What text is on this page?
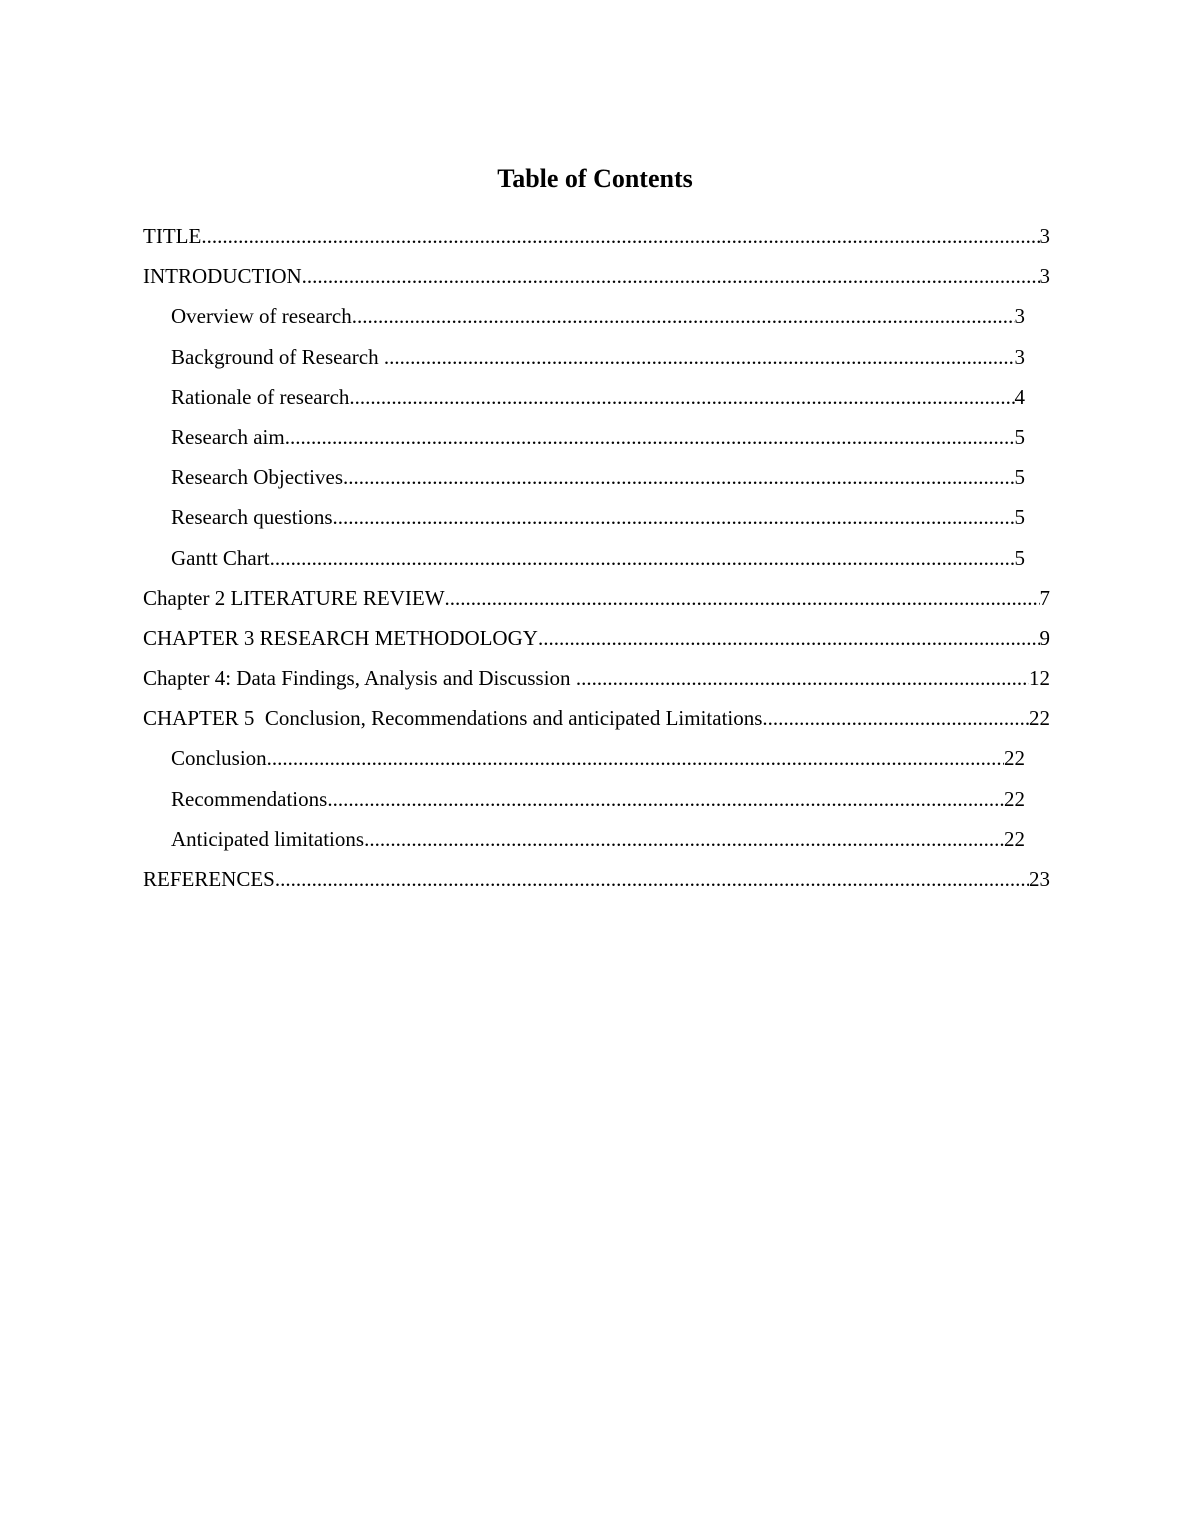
Table of Contents
TITLE .....	3
INTRODUCTION .....	3
Overview of research .....	3
Background of Research .....	3
Rationale of research .....	4
Research aim .....	5
Research Objectives .....	5
Research questions .....	5
Gantt Chart .....	5
Chapter 2 LITERATURE REVIEW .....	7
CHAPTER 3 RESEARCH METHODOLOGY .....	9
Chapter 4: Data Findings, Analysis and Discussion .....	12
CHAPTER 5  Conclusion, Recommendations and anticipated Limitations .....	22
Conclusion .....	22
Recommendations .....	22
Anticipated limitations .....	22
REFERENCES .....	23
